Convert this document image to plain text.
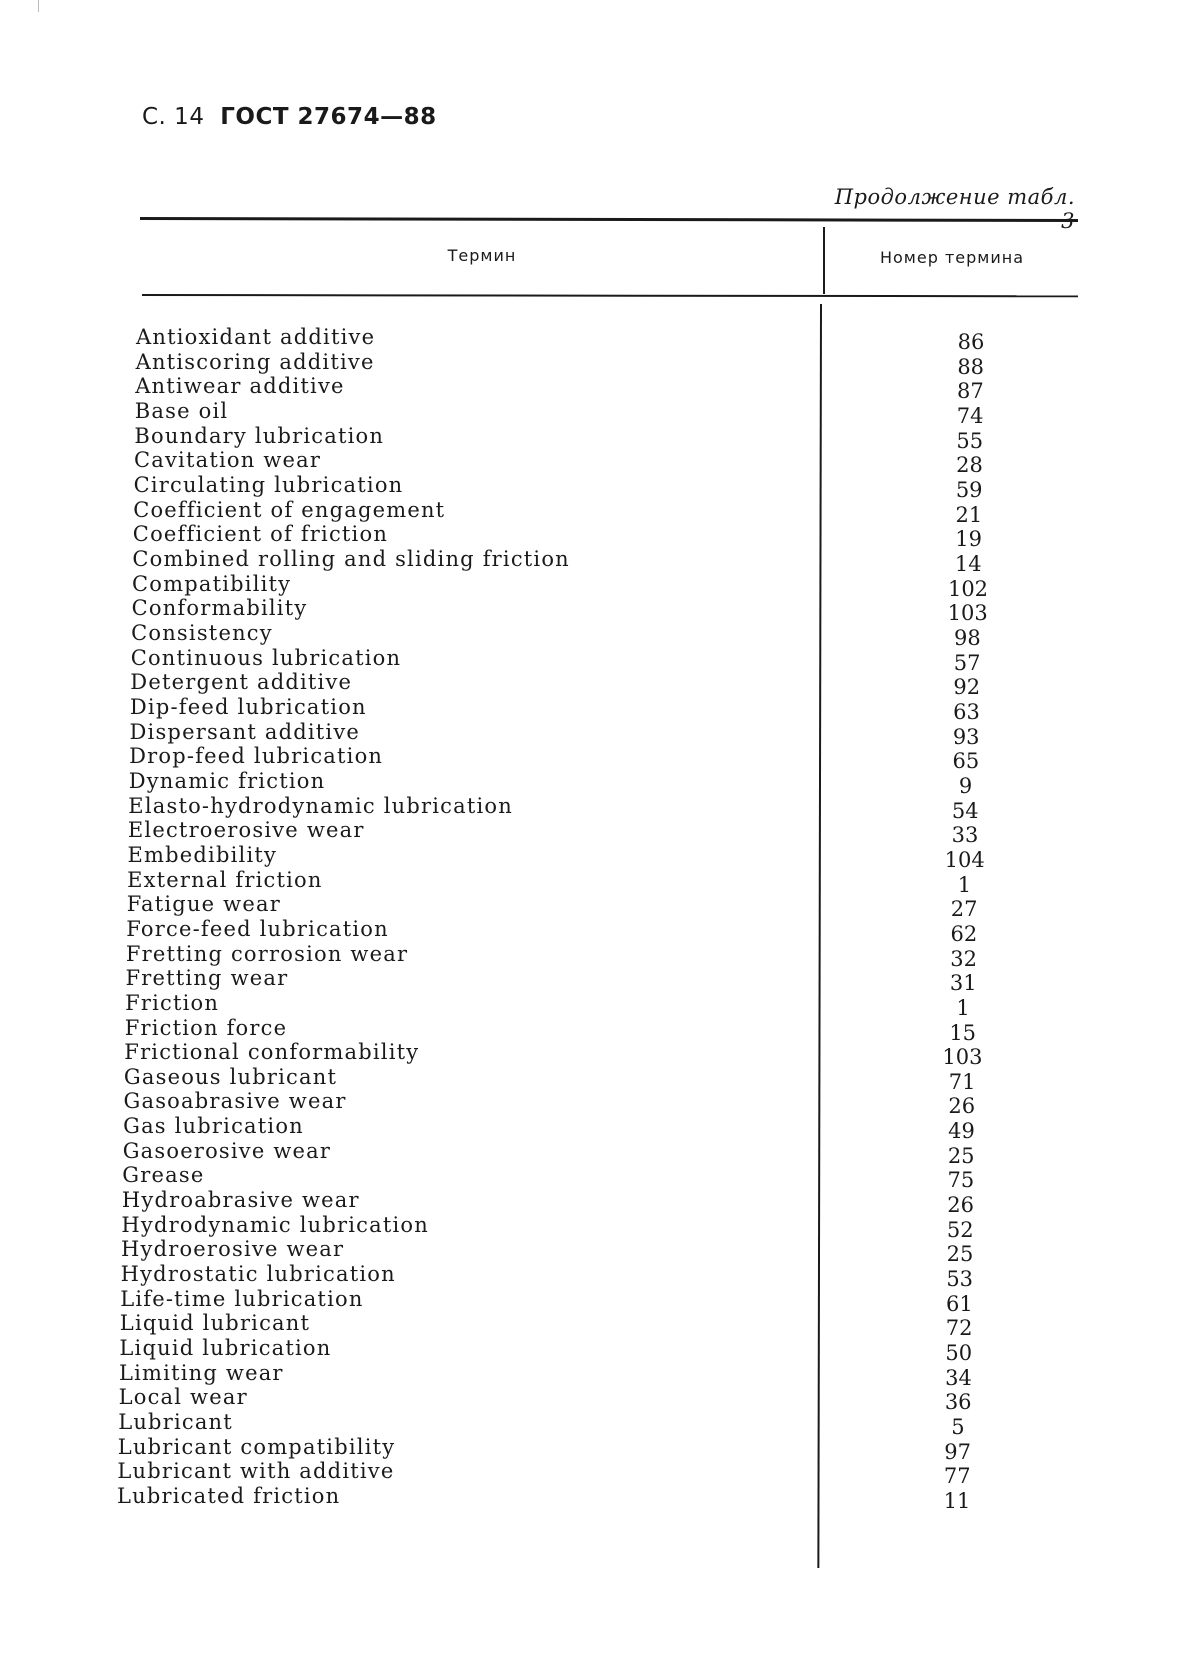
С. 14 ГОСТ 27674—88
Продолжение табл.
Термин	Номер термина
Antioxidant additive	86
Antiscoring additive	88
Antiwear additive	87
Base oil	74
Boundary lubrication	55
Cavitation wear	28
Circulating lubrication	59
Coefficient of engagement	21
Coefficient of friction	19
Combined rolling and sliding friction	14
Compatibility	102
Conformability	103
Consistency	98
Continuous lubrication	57
Detergent additive	92
Dip-feed lubrication	63
Dispersant additive	93
Drop-feed lubrication	65
Dynamic friction	9
Elasto-hydrodynamic lubrication	54
Electroerosive wear	33
Embedibility	104
External friction	1
Fatigue wear	27
Force-feed lubrication	62
Fretting corrosion wear	32
Fretting wear	31
Friction	1
Friction force	15
Frictional conformability	103
Gaseous lubricant	71
Gasoabrasive wear	26
Gas lubrication	49
Gasoerosive wear	25
Grease	75
Hydroabrasive wear	26
Hydrodynamic lubrication	52
Hydroerosive wear	25
Hydrostatic lubrication	53
Life-time lubrication	61
Liquid lubricant	72
Liquid lubrication	50
Limiting wear	34
Local wear	36
Lubricant	5
Lubricant compatibility	97
Lubricant with additive	77
Lubricated friction	11
